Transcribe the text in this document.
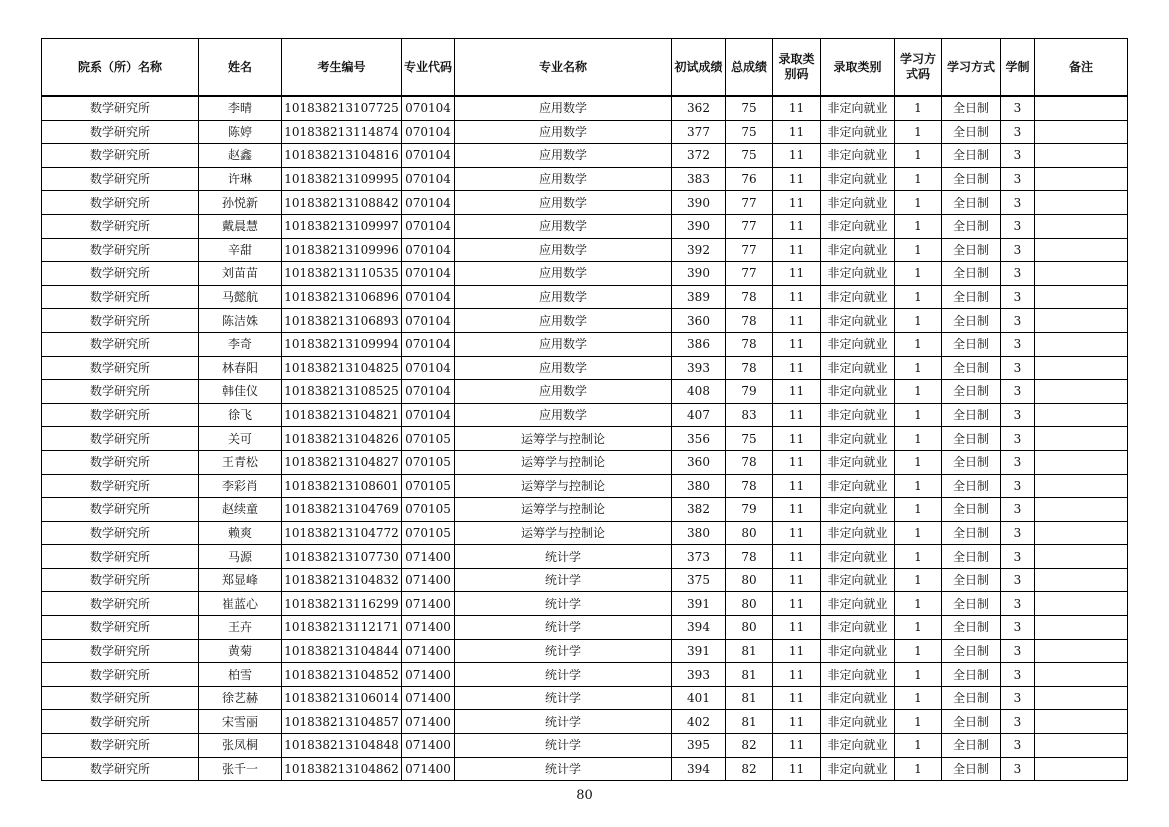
院系（所）名称	姓名	考生编号	专业代码	专业名称	初试成绩	总成绩	录取类别码	录取类别	学习方式码	学习方式	学制	备注
数学研究所	李晴	101838213107725	070104	应用数学	362	75	11	非定向就业	1	全日制	3	
数学研究所	陈婷	101838213114874	070104	应用数学	377	75	11	非定向就业	1	全日制	3	
数学研究所	赵鑫	101838213104816	070104	应用数学	372	75	11	非定向就业	1	全日制	3	
数学研究所	许琳	101838213109995	070104	应用数学	383	76	11	非定向就业	1	全日制	3	
数学研究所	孙悦新	101838213108842	070104	应用数学	390	77	11	非定向就业	1	全日制	3	
数学研究所	戴晨慧	101838213109997	070104	应用数学	390	77	11	非定向就业	1	全日制	3	
数学研究所	辛甜	101838213109996	070104	应用数学	392	77	11	非定向就业	1	全日制	3	
数学研究所	刘苗苗	101838213110535	070104	应用数学	390	77	11	非定向就业	1	全日制	3	
数学研究所	马懿航	101838213106896	070104	应用数学	389	78	11	非定向就业	1	全日制	3	
数学研究所	陈洁姝	101838213106893	070104	应用数学	360	78	11	非定向就业	1	全日制	3	
数学研究所	李奇	101838213109994	070104	应用数学	386	78	11	非定向就业	1	全日制	3	
数学研究所	林春阳	101838213104825	070104	应用数学	393	78	11	非定向就业	1	全日制	3	
数学研究所	韩佳仪	101838213108525	070104	应用数学	408	79	11	非定向就业	1	全日制	3	
数学研究所	徐飞	101838213104821	070104	应用数学	407	83	11	非定向就业	1	全日制	3	
数学研究所	关可	101838213104826	070105	运筹学与控制论	356	75	11	非定向就业	1	全日制	3	
数学研究所	王青松	101838213104827	070105	运筹学与控制论	360	78	11	非定向就业	1	全日制	3	
数学研究所	李彩肖	101838213108601	070105	运筹学与控制论	380	78	11	非定向就业	1	全日制	3	
数学研究所	赵续童	101838213104769	070105	运筹学与控制论	382	79	11	非定向就业	1	全日制	3	
数学研究所	赖爽	101838213104772	070105	运筹学与控制论	380	80	11	非定向就业	1	全日制	3	
数学研究所	马源	101838213107730	071400	统计学	373	78	11	非定向就业	1	全日制	3	
数学研究所	郑显峰	101838213104832	071400	统计学	375	80	11	非定向就业	1	全日制	3	
数学研究所	崔蓝心	101838213116299	071400	统计学	391	80	11	非定向就业	1	全日制	3	
数学研究所	王卉	101838213112171	071400	统计学	394	80	11	非定向就业	1	全日制	3	
数学研究所	黄菊	101838213104844	071400	统计学	391	81	11	非定向就业	1	全日制	3	
数学研究所	柏雪	101838213104852	071400	统计学	393	81	11	非定向就业	1	全日制	3	
数学研究所	徐艺赫	101838213106014	071400	统计学	401	81	11	非定向就业	1	全日制	3	
数学研究所	宋雪丽	101838213104857	071400	统计学	402	81	11	非定向就业	1	全日制	3	
数学研究所	张凤桐	101838213104848	071400	统计学	395	82	11	非定向就业	1	全日制	3	
数学研究所	张千一	101838213104862	071400	统计学	394	82	11	非定向就业	1	全日制	3	
80
